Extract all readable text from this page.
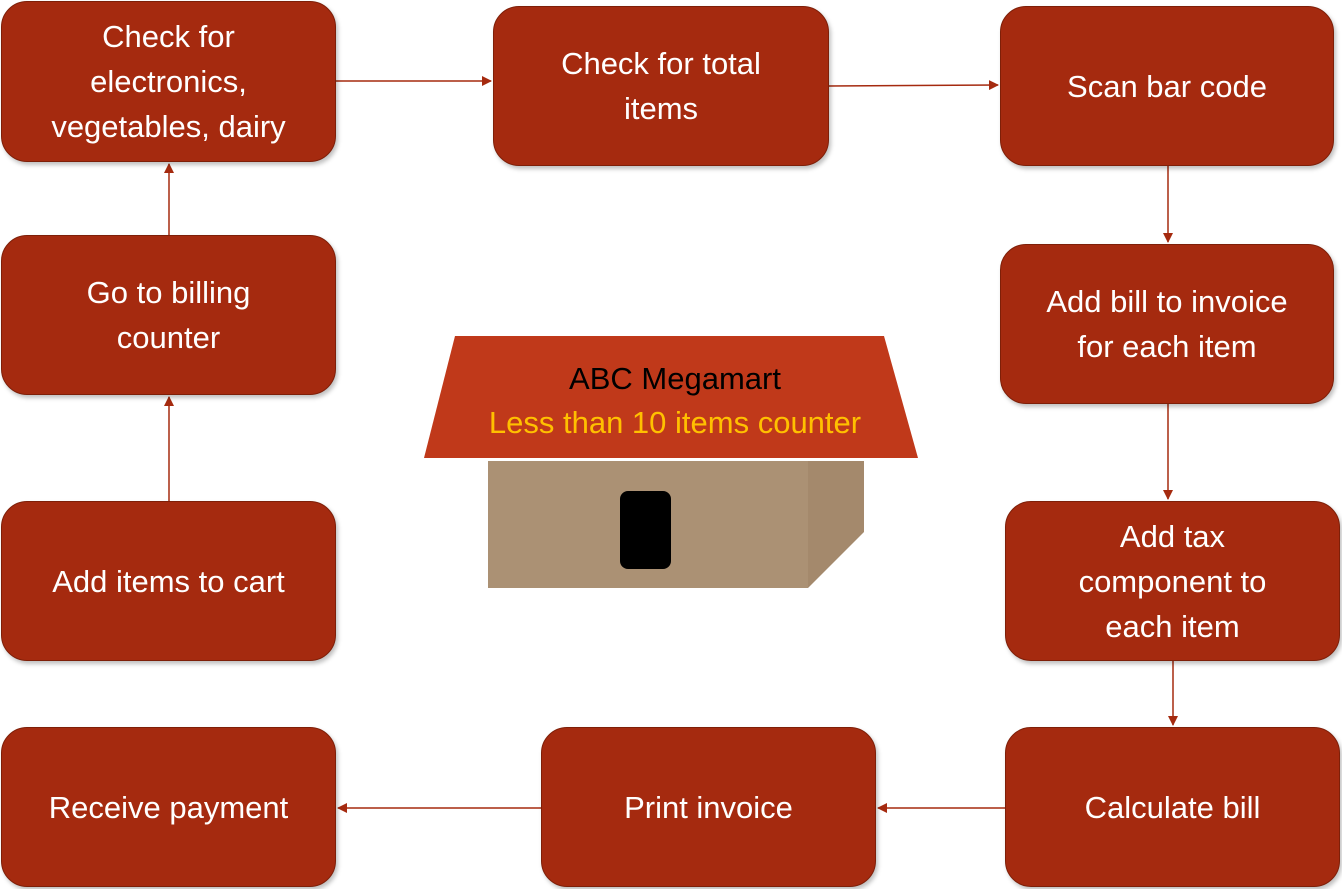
ABC Megamart
Less than 10 items counter
Check for
electronics,
vegetables, dairy
Check for total
items
Scan bar code
Go to billing
counter
Add bill to invoice
for each item
Add items to cart
Add tax
component to
each item
Receive payment	Print invoice	Calculate bill
